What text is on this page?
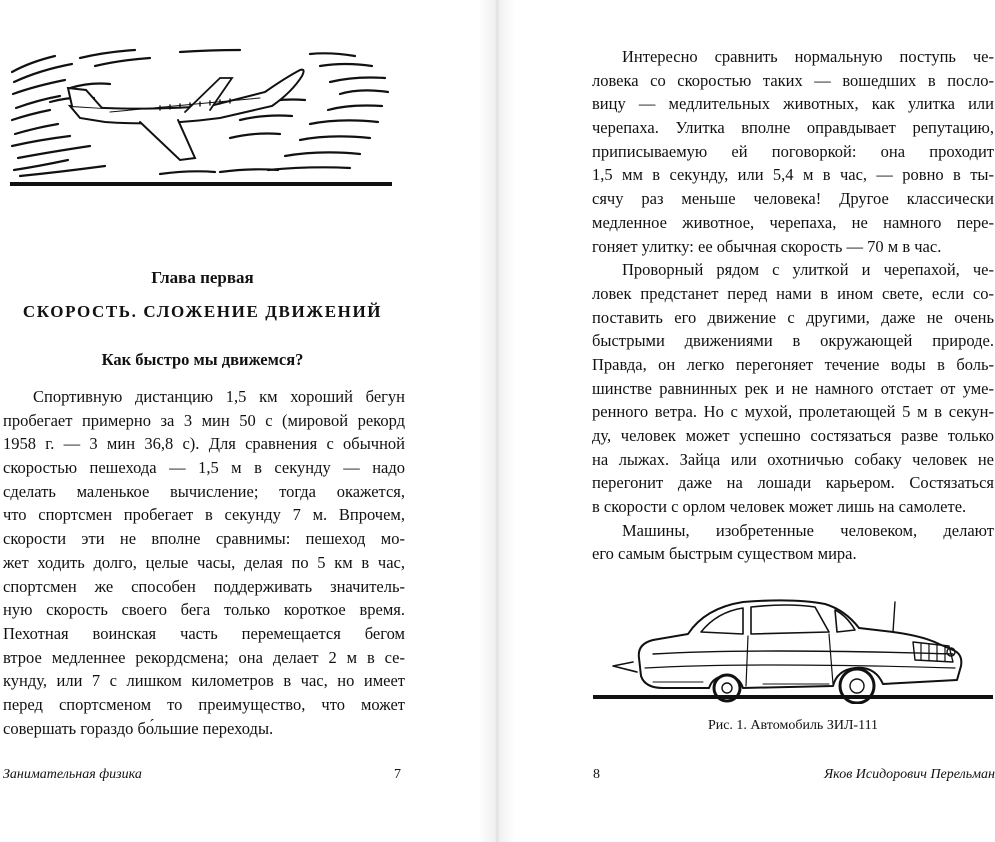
Глава первая
СКОРОСТЬ. СЛОЖЕНИЕ ДВИЖЕНИЙ
Как быстро мы движемся?
Спортивную дистанцию 1,5 км хороший бегун
пробегает примерно за 3 мин 50 с (мировой рекорд
1958 г. — 3 мин 36,8 с). Для сравнения с обычной
скоростью пешехода — 1,5 м в секунду — надо
сделать маленькое вычисление; тогда окажется,
что спортсмен пробегает в секунду 7 м. Впрочем,
скорости эти не вполне сравнимы: пешеход мо-
жет ходить долго, целые часы, делая по 5 км в час,
спортсмен же способен поддерживать значитель-
ную скорость своего бега только короткое время.
Пехотная воинская часть перемещается бегом
втрое медленнее рекордсмена; она делает 2 м в се-
кунду, или 7 с лишком километров в час, но имеет
перед спортсменом то преимущество, что может
совершать гораздо бо́льшие переходы.
Занимательная физика	7
Интересно сравнить нормальную поступь че-
ловека со скоростью таких — вошедших в посло-
вицу — медлительных животных, как улитка или
черепаха. Улитка вполне оправдывает репутацию,
приписываемую ей поговоркой: она проходит
1,5 мм в секунду, или 5,4 м в час, — ровно в ты-
сячу раз меньше человека! Другое классически
медленное животное, черепаха, не намного пере-
гоняет улитку: ее обычная скорость — 70 м в час.
Проворный рядом с улиткой и черепахой, че-
ловек предстанет перед нами в ином свете, если со-
поставить его движение с другими, даже не очень
быстрыми движениями в окружающей природе.
Правда, он легко перегоняет течение воды в боль-
шинстве равнинных рек и не намного отстает от уме-
ренного ветра. Но с мухой, пролетающей 5 м в секун-
ду, человек может успешно состязаться разве только
на лыжах. Зайца или охотничью собаку человек не
перегонит даже на лошади карьером. Состязаться
в скорости с орлом человек может лишь на самолете.
Машины, изобретенные человеком, делают
его самым быстрым существом мира.
Рис. 1. Автомобиль ЗИЛ-111
8	Яков Исидорович Перельман
